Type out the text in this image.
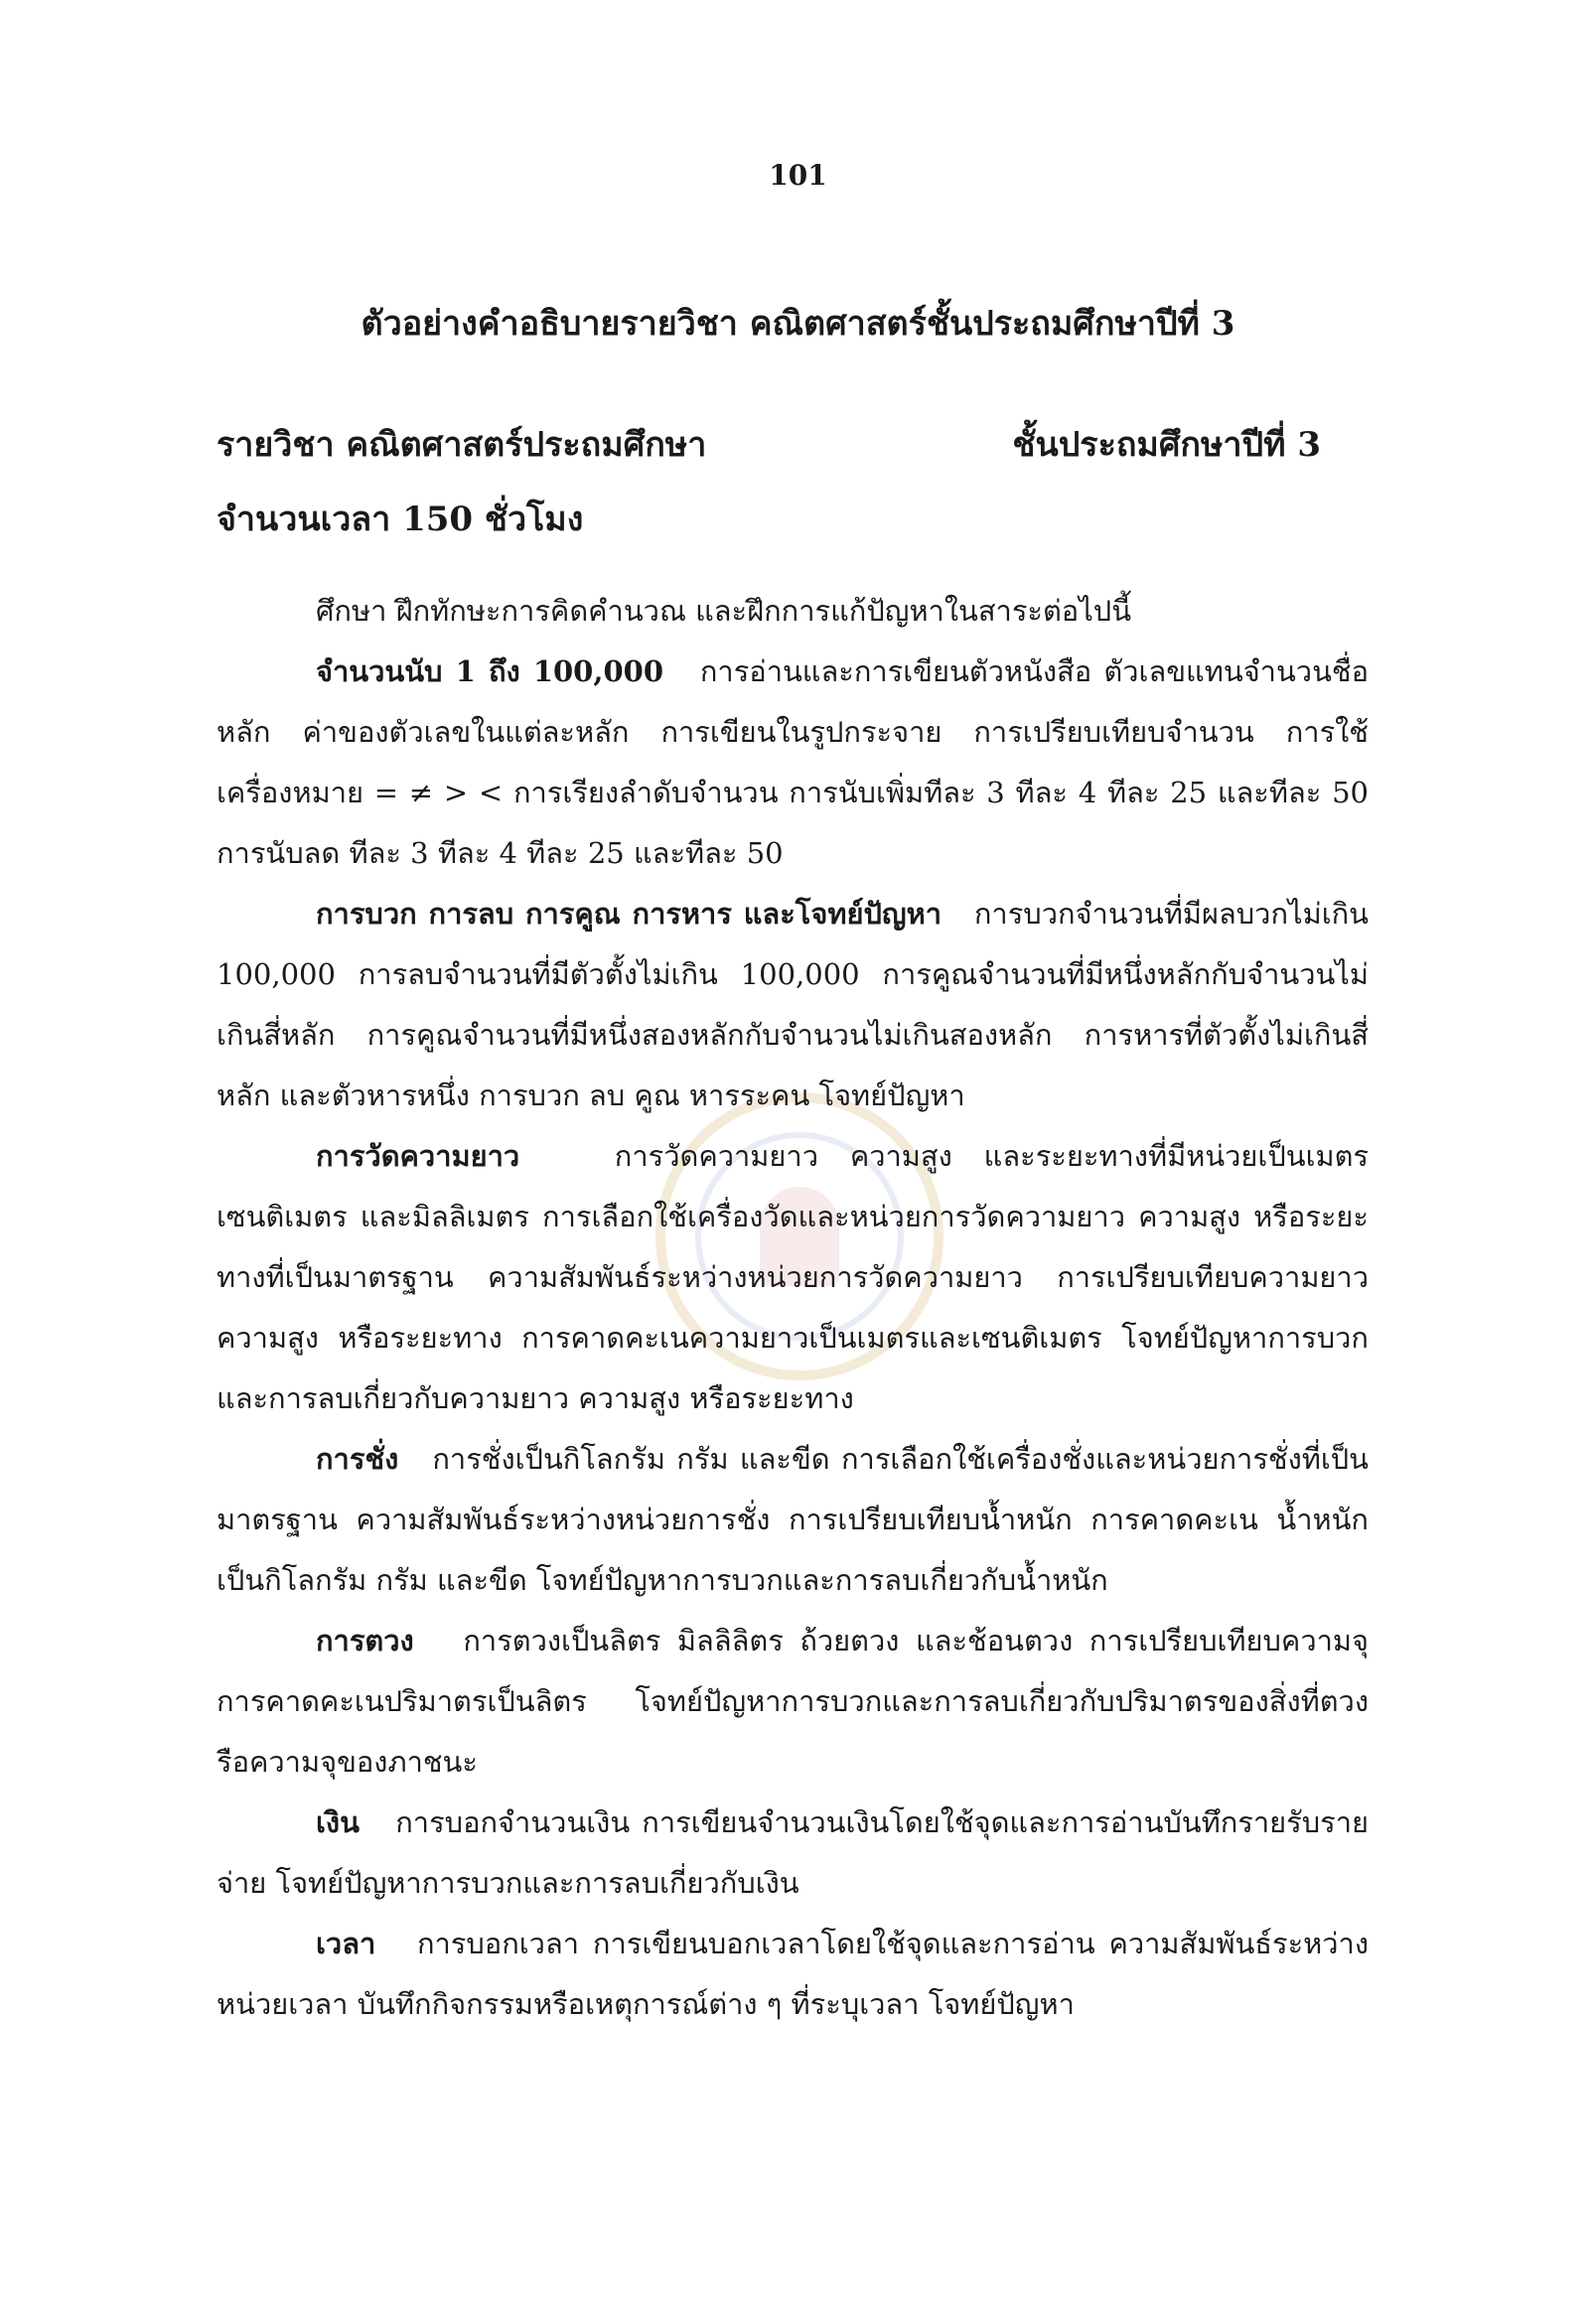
101
ตัวอย่างคำอธิบายรายวิชา คณิตศาสตร์ชั้นประถมศึกษาปีที่ 3
รายวิชา คณิตศาสตร์ประถมศึกษา	ชั้นประถมศึกษาปีที่ 3
จำนวนเวลา 150 ชั่วโมง

ศึกษา ฝึกทักษะการคิดคำนวณ และฝึกการแก้ปัญหาในสาระต่อไปนี้

จำนวนนับ 1 ถึง 100,000 การอ่านและการเขียนตัวหนังสือ ตัวเลขแทนจำนวนชื่อหลัก ค่าของตัวเลขในแต่ละหลัก การเขียนในรูปกระจาย การเปรียบเทียบจำนวน การใช้เครื่องหมาย = ≠ > < การเรียงลำดับจำนวน การนับเพิ่มทีละ 3 ทีละ 4 ทีละ 25 และทีละ 50 การนับลด ทีละ 3 ทีละ 4 ทีละ 25 และทีละ 50

การบวก การลบ การคูณ การหาร และโจทย์ปัญหา การบวกจำนวนที่มีผลบวกไม่เกิน 100,000 การลบจำนวนที่มีตัวตั้งไม่เกิน 100,000 การคูณจำนวนที่มีหนึ่งหลักกับจำนวนไม่เกินสี่หลัก การคูณจำนวนที่มีหนึ่งสองหลักกับจำนวนไม่เกินสองหลัก การหารที่ตัวตั้งไม่เกินสี่หลัก และตัวหารหนึ่ง การบวก ลบ คูณ หารระคน โจทย์ปัญหา

การวัดความยาว	การวัดความยาว ความสูง และระยะทางที่มีหน่วยเป็นเมตร เซนติเมตร และมิลลิเมตร การเลือกใช้เครื่องวัดและหน่วยการวัดความยาว ความสูง หรือระยะทางที่เป็นมาตรฐาน ความสัมพันธ์ระหว่างหน่วยการวัดความยาว การเปรียบเทียบความยาว ความสูง หรือระยะทาง การคาดคะเนความยาวเป็นเมตรและเซนติเมตร โจทย์ปัญหาการบวกและการลบเกี่ยวกับความยาว ความสูง หรือระยะทาง

การชั่ง การชั่งเป็นกิโลกรัม กรัม และขีด การเลือกใช้เครื่องชั่งและหน่วยการชั่งที่เป็นมาตรฐาน ความสัมพันธ์ระหว่างหน่วยการชั่ง การเปรียบเทียบน้ำหนัก การคาดคะเน น้ำหนักเป็นกิโลกรัม กรัม และขีด โจทย์ปัญหาการบวกและการลบเกี่ยวกับน้ำหนัก

การตวง การตวงเป็นลิตร มิลลิลิตร ถ้วยตวง และช้อนตวง การเปรียบเทียบความจุ การคาดคะเนปริมาตรเป็นลิตร โจทย์ปัญหาการบวกและการลบเกี่ยวกับปริมาตรของสิ่งที่ตวง รือความจุของภาชนะ

เงิน การบอกจำนวนเงิน การเขียนจำนวนเงินโดยใช้จุดและการอ่านบันทึกรายรับรายจ่าย โจทย์ปัญหาการบวกและการลบเกี่ยวกับเงิน

เวลา การบอกเวลา การเขียนบอกเวลาโดยใช้จุดและการอ่าน ความสัมพันธ์ระหว่างหน่วยเวลา บันทึกกิจกรรมหรือเหตุการณ์ต่าง ๆ ที่ระบุเวลา โจทย์ปัญหา
